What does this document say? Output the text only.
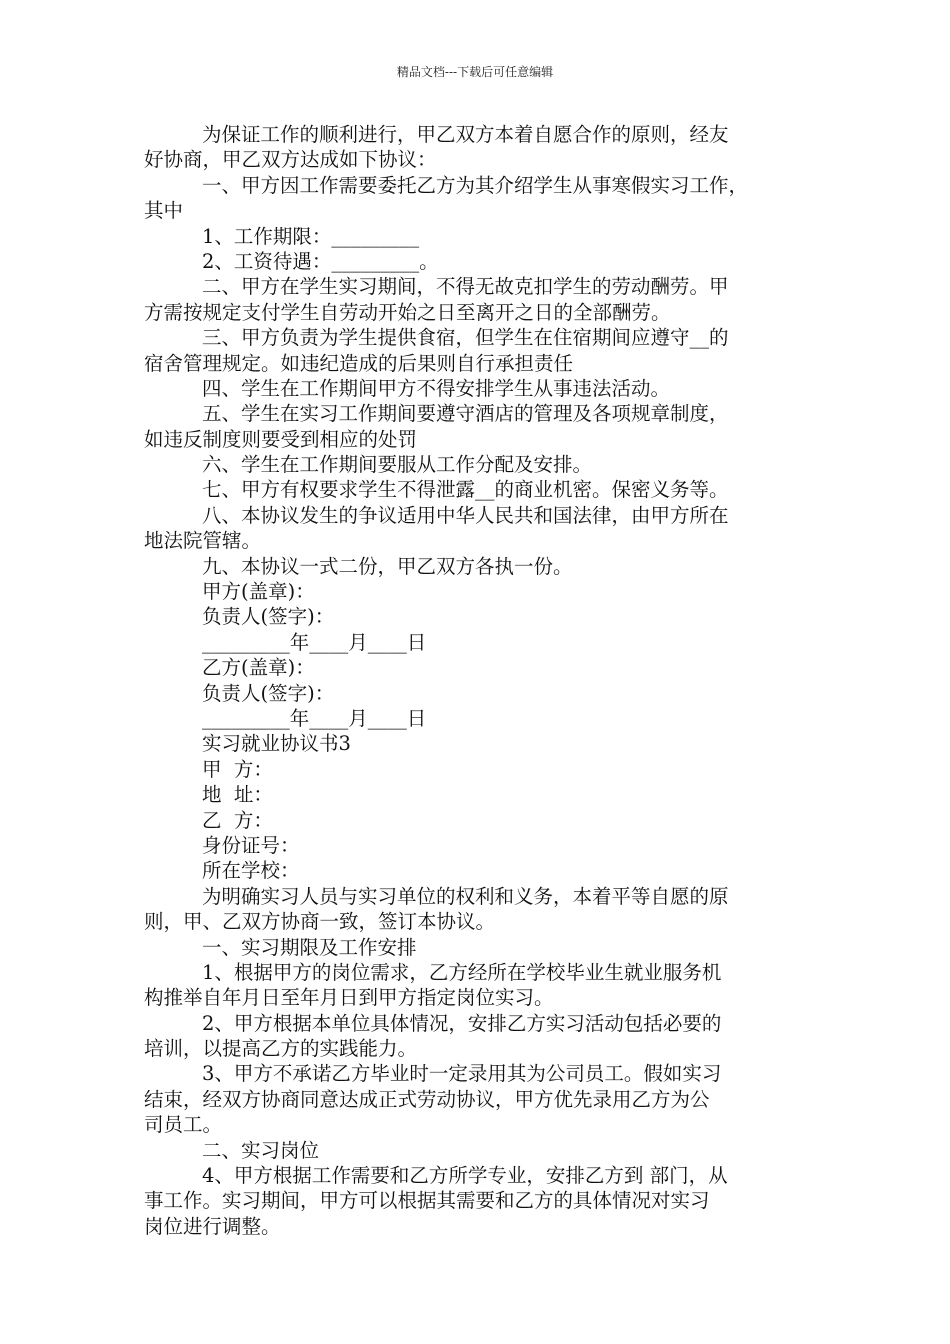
精品文档---下载后可任意编辑
为保证工作的顺利进行，甲乙双方本着自愿合作的原则，经友
好协商，甲乙双方达成如下协议：
一、甲方因工作需要委托乙方为其介绍学生从事寒假实习工作，
其中
1、工作期限：_________
2、工资待遇：_________。
二、甲方在学生实习期间，不得无故克扣学生的劳动酬劳。甲
方需按规定支付学生自劳动开始之日至离开之日的全部酬劳。
三、甲方负责为学生提供食宿，但学生在住宿期间应遵守__的
宿舍管理规定。如违纪造成的后果则自行承担责任
四、学生在工作期间甲方不得安排学生从事违法活动。
五、学生在实习工作期间要遵守酒店的管理及各项规章制度，
如违反制度则要受到相应的处罚
六、学生在工作期间要服从工作分配及安排。
七、甲方有权要求学生不得泄露__的商业机密。保密义务等。
八、本协议发生的争议适用中华人民共和国法律，由甲方所在
地法院管辖。
九、本协议一式二份，甲乙双方各执一份。
甲方(盖章)：
负责人(签字)：
_________年____月____日
乙方(盖章)：
负责人(签字)：
_________年____月____日
实习就业协议书3
甲  方：
地  址：
乙  方：
身份证号：
所在学校：
为明确实习人员与实习单位的权利和义务，本着平等自愿的原
则，甲、乙双方协商一致，签订本协议。
一、实习期限及工作安排
1、根据甲方的岗位需求，乙方经所在学校毕业生就业服务机
构推举自年月日至年月日到甲方指定岗位实习。
2、甲方根据本单位具体情况，安排乙方实习活动包括必要的
培训，以提高乙方的实践能力。
3、甲方不承诺乙方毕业时一定录用其为公司员工。假如实习
结束，经双方协商同意达成正式劳动协议，甲方优先录用乙方为公
司员工。
二、实习岗位
4、甲方根据工作需要和乙方所学专业，安排乙方到 部门，从
事工作。实习期间，甲方可以根据其需要和乙方的具体情况对实习
岗位进行调整。
